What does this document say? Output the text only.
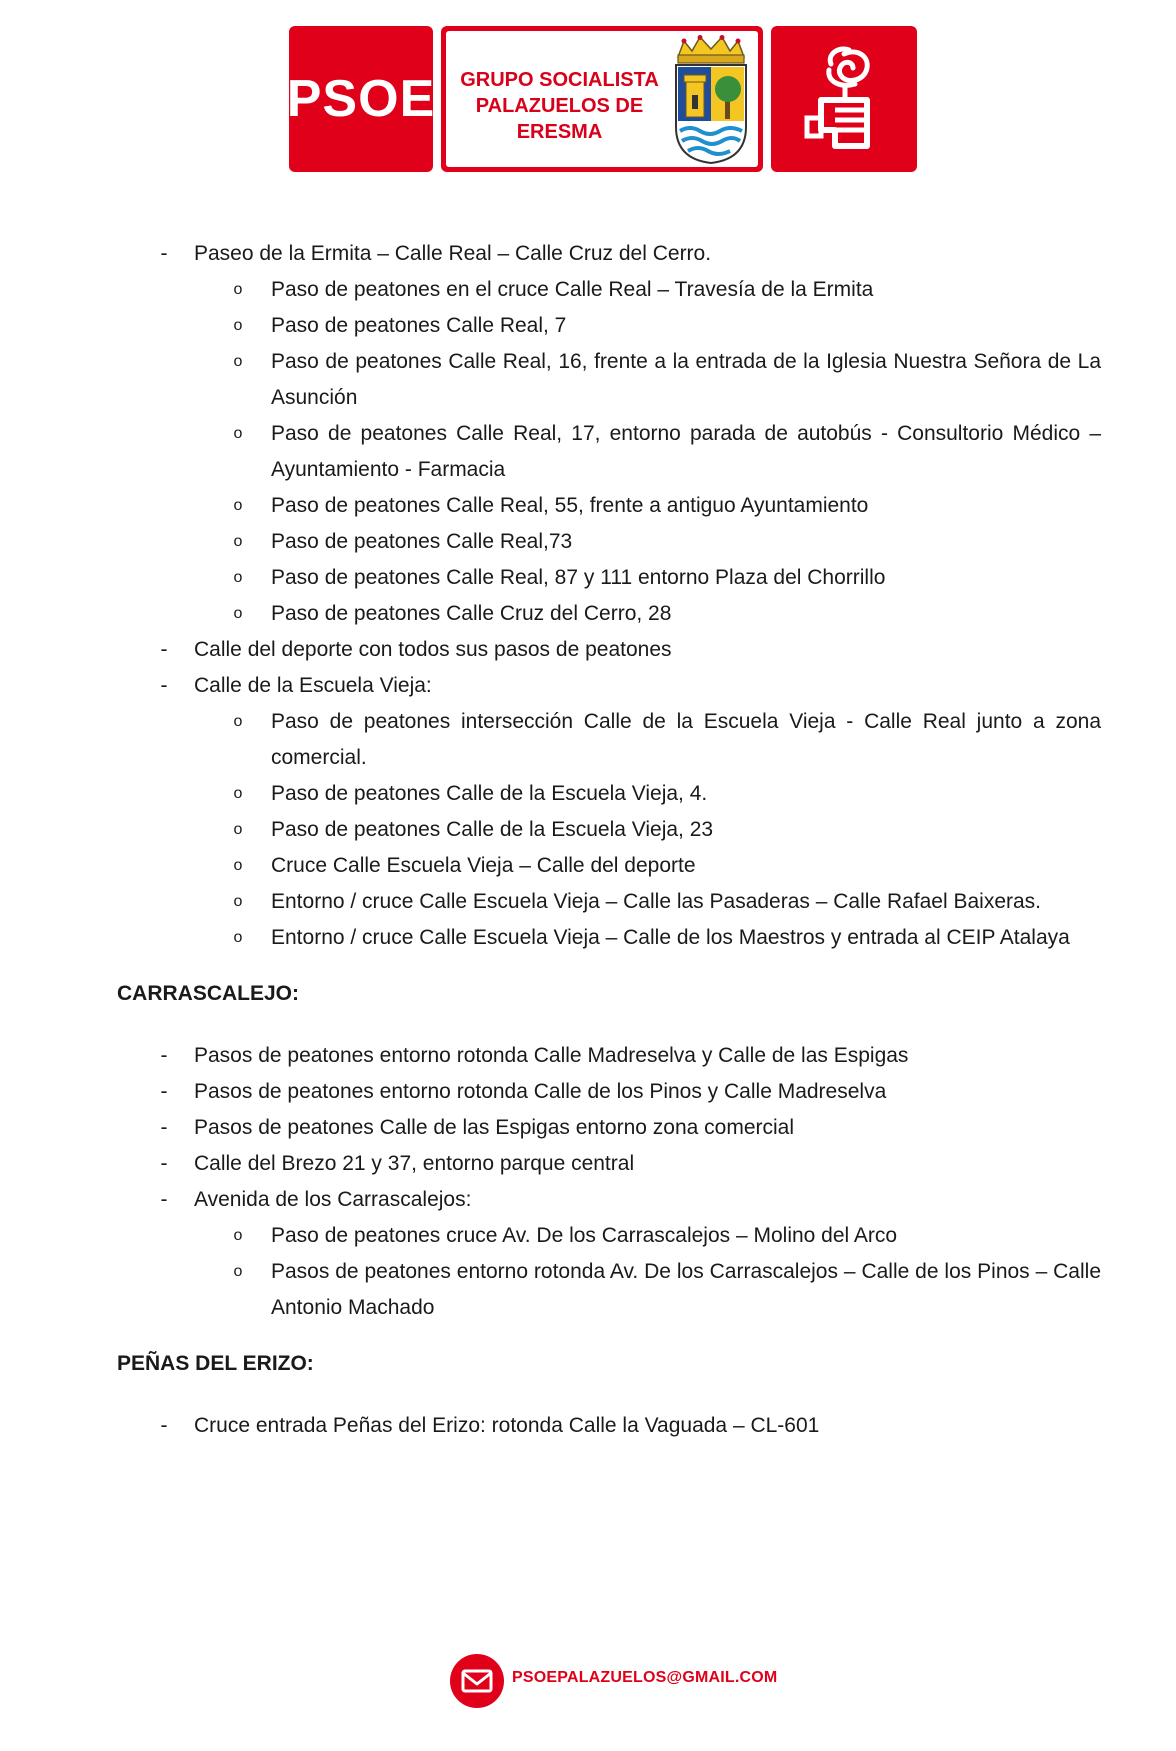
PSOE	GRUPO SOCIALISTA
PALAZUELOS DE
ERESMA
- Paseo de la Ermita – Calle Real – Calle Cruz del Cerro.
o Paso de peatones en el cruce Calle Real – Travesía de la Ermita
o Paso de peatones Calle Real, 7
o Paso de peatones Calle Real, 16, frente a la entrada de la Iglesia Nuestra Señora de La Asunción
o Paso de peatones Calle Real, 17, entorno parada de autobús - Consultorio Médico – Ayuntamiento - Farmacia
o Paso de peatones Calle Real, 55, frente a antiguo Ayuntamiento
o Paso de peatones Calle Real,73
o Paso de peatones Calle Real, 87 y 111 entorno Plaza del Chorrillo
o Paso de peatones Calle Cruz del Cerro, 28
- Calle del deporte con todos sus pasos de peatones
- Calle de la Escuela Vieja:
o Paso de peatones intersección Calle de la Escuela Vieja - Calle Real junto a zona comercial.
o Paso de peatones Calle de la Escuela Vieja, 4.
o Paso de peatones Calle de la Escuela Vieja, 23
o Cruce Calle Escuela Vieja – Calle del deporte
o Entorno / cruce Calle Escuela Vieja – Calle las Pasaderas – Calle Rafael Baixeras.
o Entorno / cruce Calle Escuela Vieja – Calle de los Maestros y entrada al CEIP Atalaya
CARRASCALEJO:
- Pasos de peatones entorno rotonda Calle Madreselva y Calle de las Espigas
- Pasos de peatones entorno rotonda Calle de los Pinos y Calle Madreselva
- Pasos de peatones Calle de las Espigas entorno zona comercial
- Calle del Brezo 21 y 37, entorno parque central
- Avenida de los Carrascalejos:
o Paso de peatones cruce Av. De los Carrascalejos – Molino del Arco
o Pasos de peatones entorno rotonda Av. De los Carrascalejos – Calle de los Pinos – Calle Antonio Machado
PEÑAS DEL ERIZO:
- Cruce entrada Peñas del Erizo: rotonda Calle la Vaguada – CL-601
PSOEPALAZUELOS@GMAIL.COM
